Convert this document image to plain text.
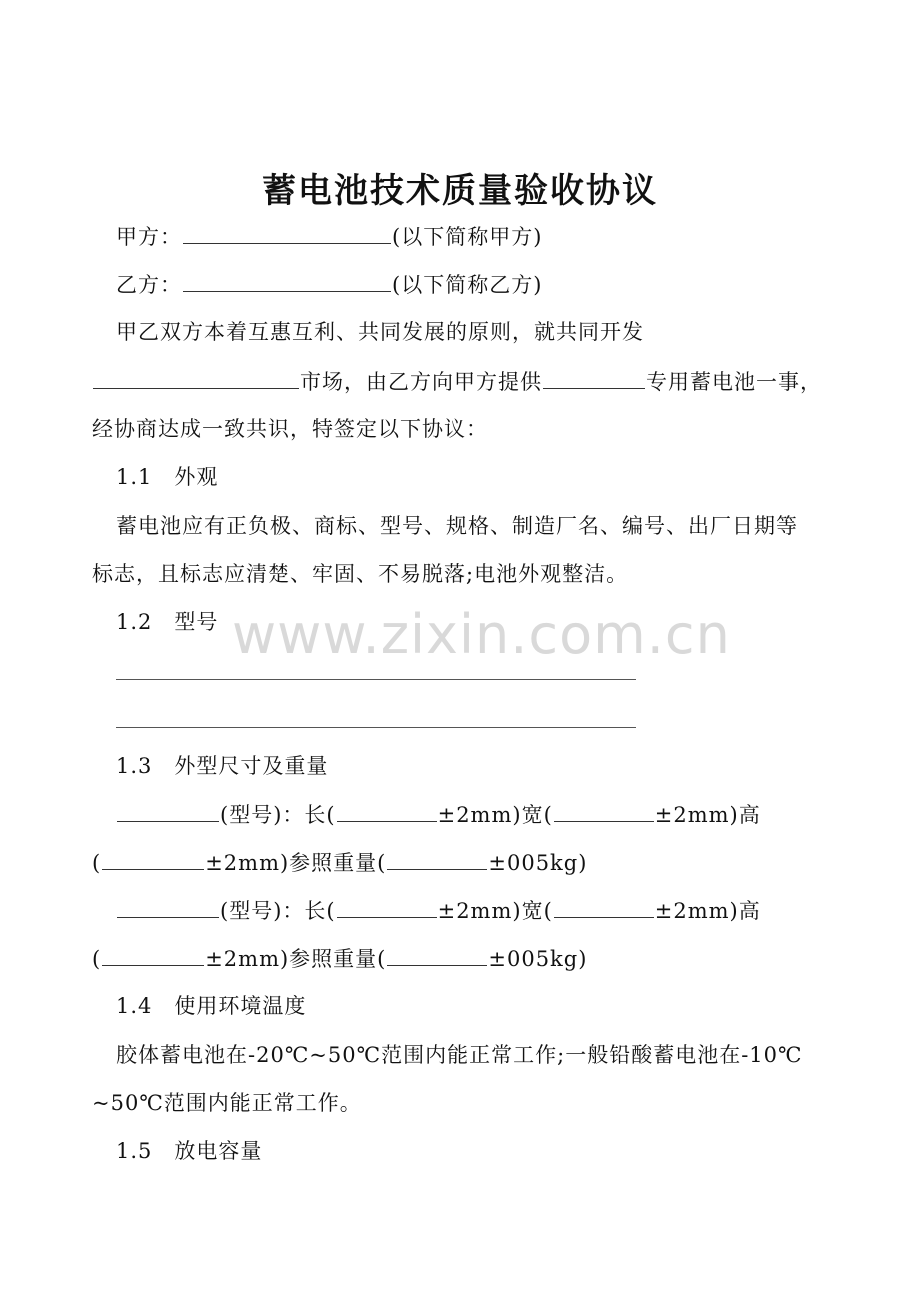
蓄电池技术质量验收协议
甲方：	(以下简称甲方)
乙方：	(以下简称乙方)
甲乙双方本着互惠互利、共同发展的原则，就共同开发
市场，由乙方向甲方提供	专用蓄电池一事，
经协商达成一致共识，特签定以下协议：
1.1　外观
蓄电池应有正负极、商标、型号、规格、制造厂名、编号、出厂日期等
标志，且标志应清楚、牢固、不易脱落;电池外观整洁。
1.2　型号
1.3　外型尺寸及重量
(型号)：长(	±2mm)宽(	±2mm)高
(	±2mm)参照重量(	±005kg)
(型号)：长(	±2mm)宽(	±2mm)高
(	±2mm)参照重量(	±005kg)
1.4　使用环境温度
胶体蓄电池在-20℃~50℃范围内能正常工作;一般铅酸蓄电池在-10℃
~50℃范围内能正常工作。
1.5　放电容量
www.zixin.com.cn
